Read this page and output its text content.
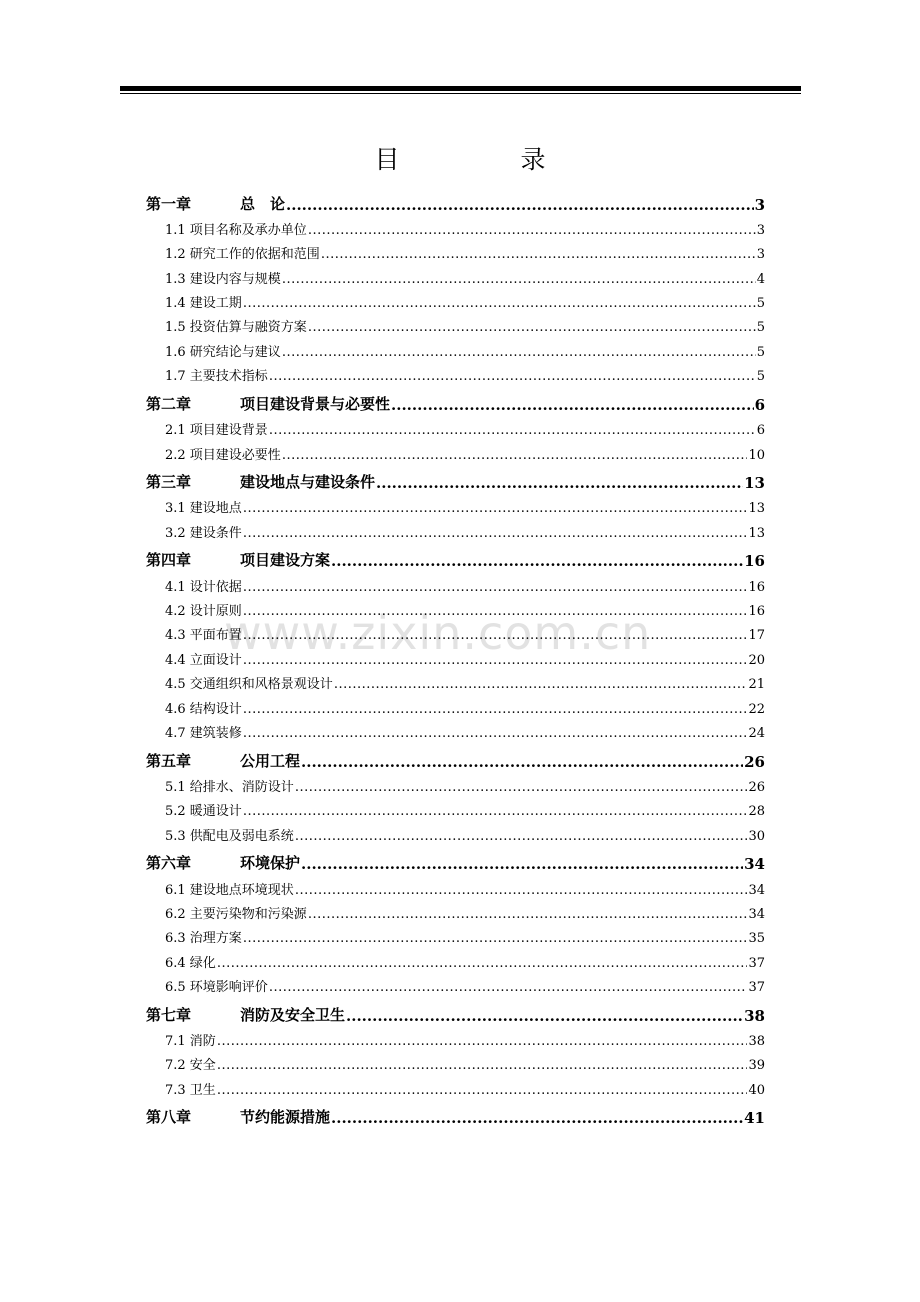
目　录
www.zixin.com.cn
第一章	总　论 .....	3
1.1 项目名称及承办单位 .....	3
1.2 研究工作的依据和范围 .....	3
1.3 建设内容与规模 .....	4
1.4 建设工期 .....	5
1.5 投资估算与融资方案 .....	5
1.6 研究结论与建议 .....	5
1.7 主要技术指标 .....	5
第二章	项目建设背景与必要性 .....	6
2.1 项目建设背景 .....	6
2.2 项目建设必要性 .....	10
第三章	建设地点与建设条件 .....	13
3.1 建设地点 .....	13
3.2 建设条件 .....	13
第四章	项目建设方案 .....	16
4.1 设计依据 .....	16
4.2 设计原则 .....	16
4.3 平面布置 .....	17
4.4 立面设计 .....	20
4.5 交通组织和风格景观设计 .....	21
4.6 结构设计 .....	22
4.7 建筑装修 .....	24
第五章	公用工程 .....	26
5.1 给排水、消防设计 .....	26
5.2 暖通设计 .....	28
5.3 供配电及弱电系统 .....	30
第六章	环境保护 .....	34
6.1 建设地点环境现状 .....	34
6.2 主要污染物和污染源 .....	34
6.3 治理方案 .....	35
6.4 绿化 .....	37
6.5 环境影响评价 .....	37
第七章	消防及安全卫生 .....	38
7.1 消防 .....	38
7.2 安全 .....	39
7.3 卫生 .....	40
第八章	节约能源措施 .....	41
